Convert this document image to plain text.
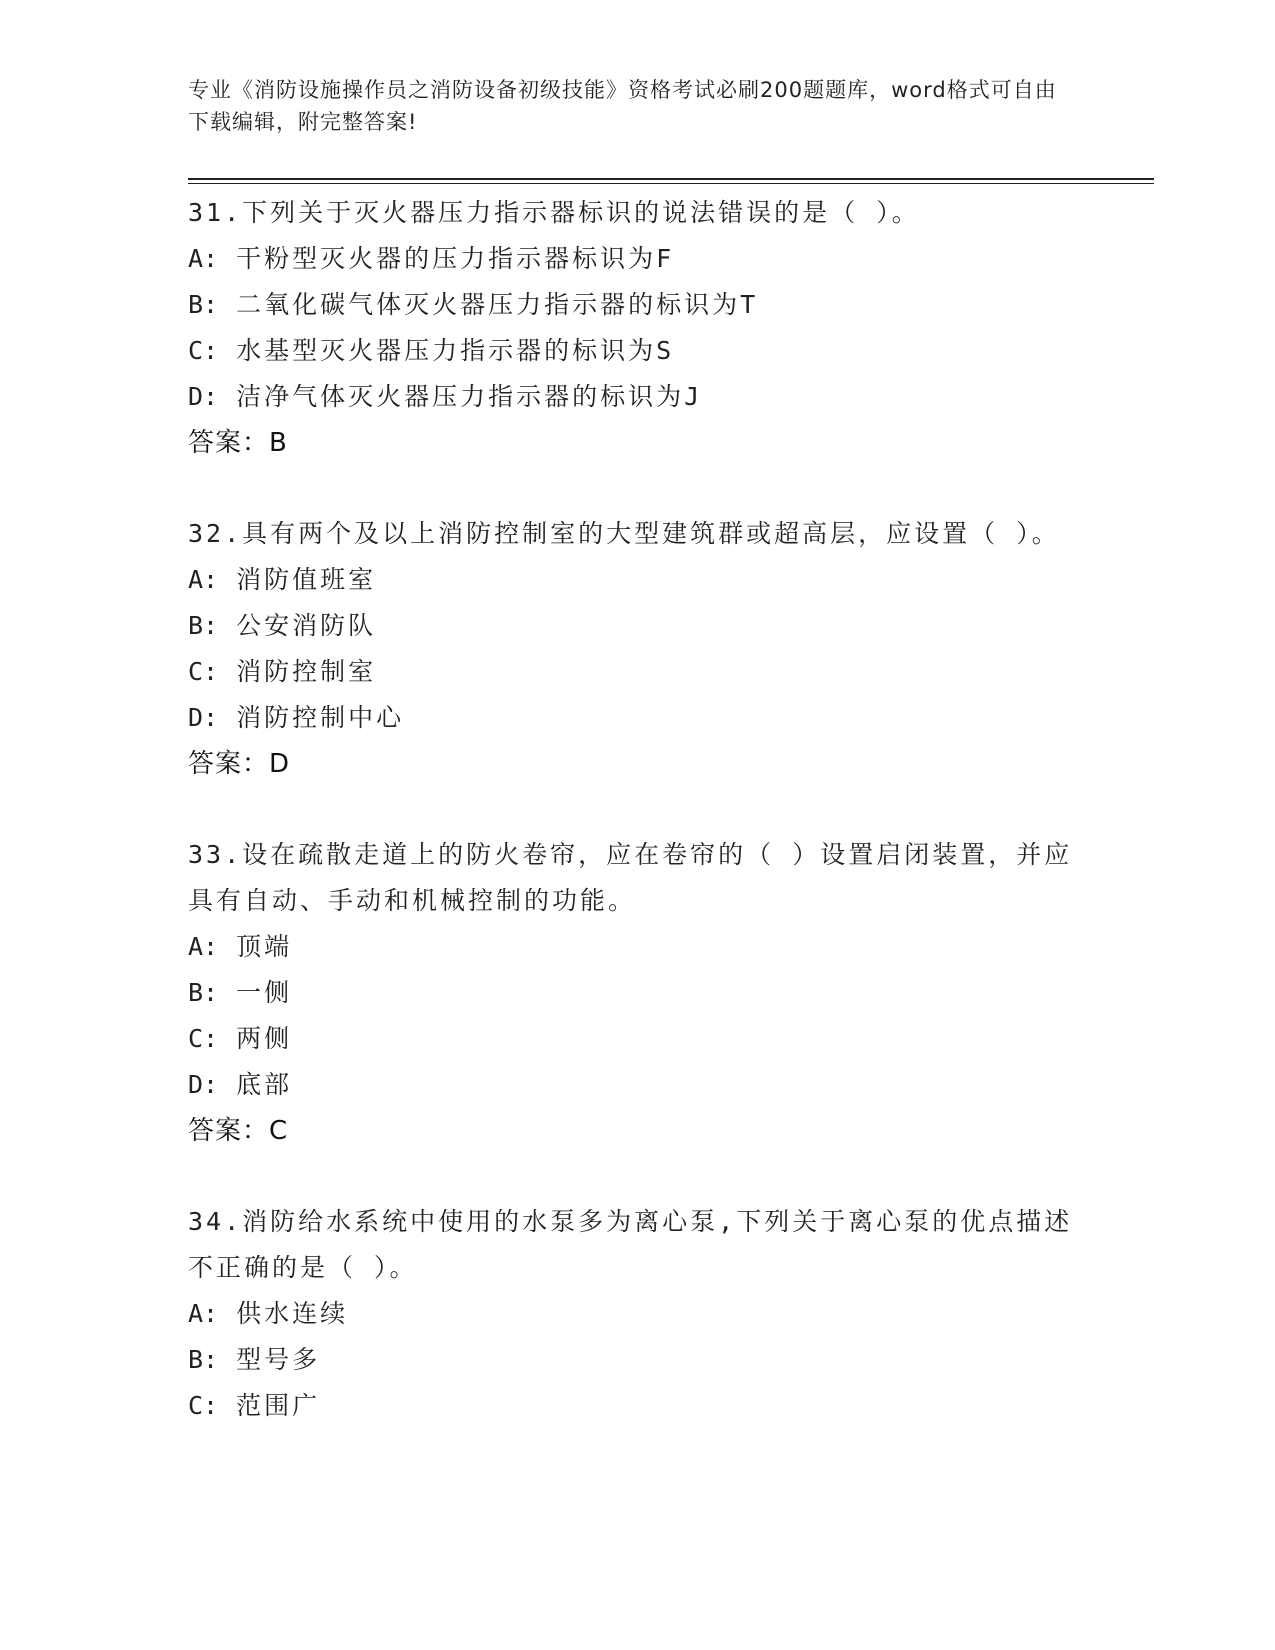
专业《消防设施操作员之消防设备初级技能》资格考试必刷200题题库，word格式可自由下载编辑，附完整答案!

31.下列关于灭火器压力指示器标识的说法错误的是（ ）。

A: 干粉型灭火器的压力指示器标识为F

B: 二氧化碳气体灭火器压力指示器的标识为T

C: 水基型灭火器压力指示器的标识为S

D: 洁净气体灭火器压力指示器的标识为J

答案：B

32.具有两个及以上消防控制室的大型建筑群或超高层，应设置（ ）。

A: 消防值班室

B: 公安消防队

C: 消防控制室

D: 消防控制中心

答案：D

33.设在疏散走道上的防火卷帘，应在卷帘的（ ）设置启闭装置，并应具有自动、手动和机械控制的功能。

A: 顶端

B: 一侧

C: 两侧

D: 底部

答案：C

34.消防给水系统中使用的水泵多为离心泵,下列关于离心泵的优点描述不正确的是（ ）。

A: 供水连续

B: 型号多

C: 范围广
